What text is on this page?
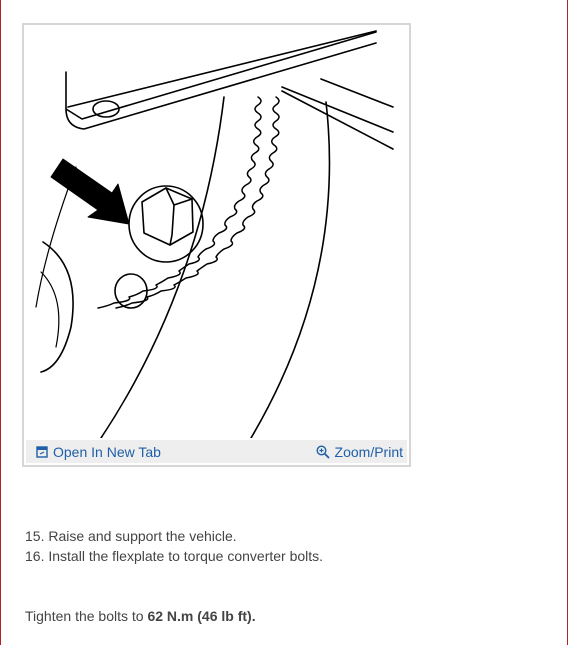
Open In New Tab	Zoom/Print
15. Raise and support the vehicle.
16. Install the flexplate to torque converter bolts.
Tighten the bolts to 62 N.m (46 lb ft).
